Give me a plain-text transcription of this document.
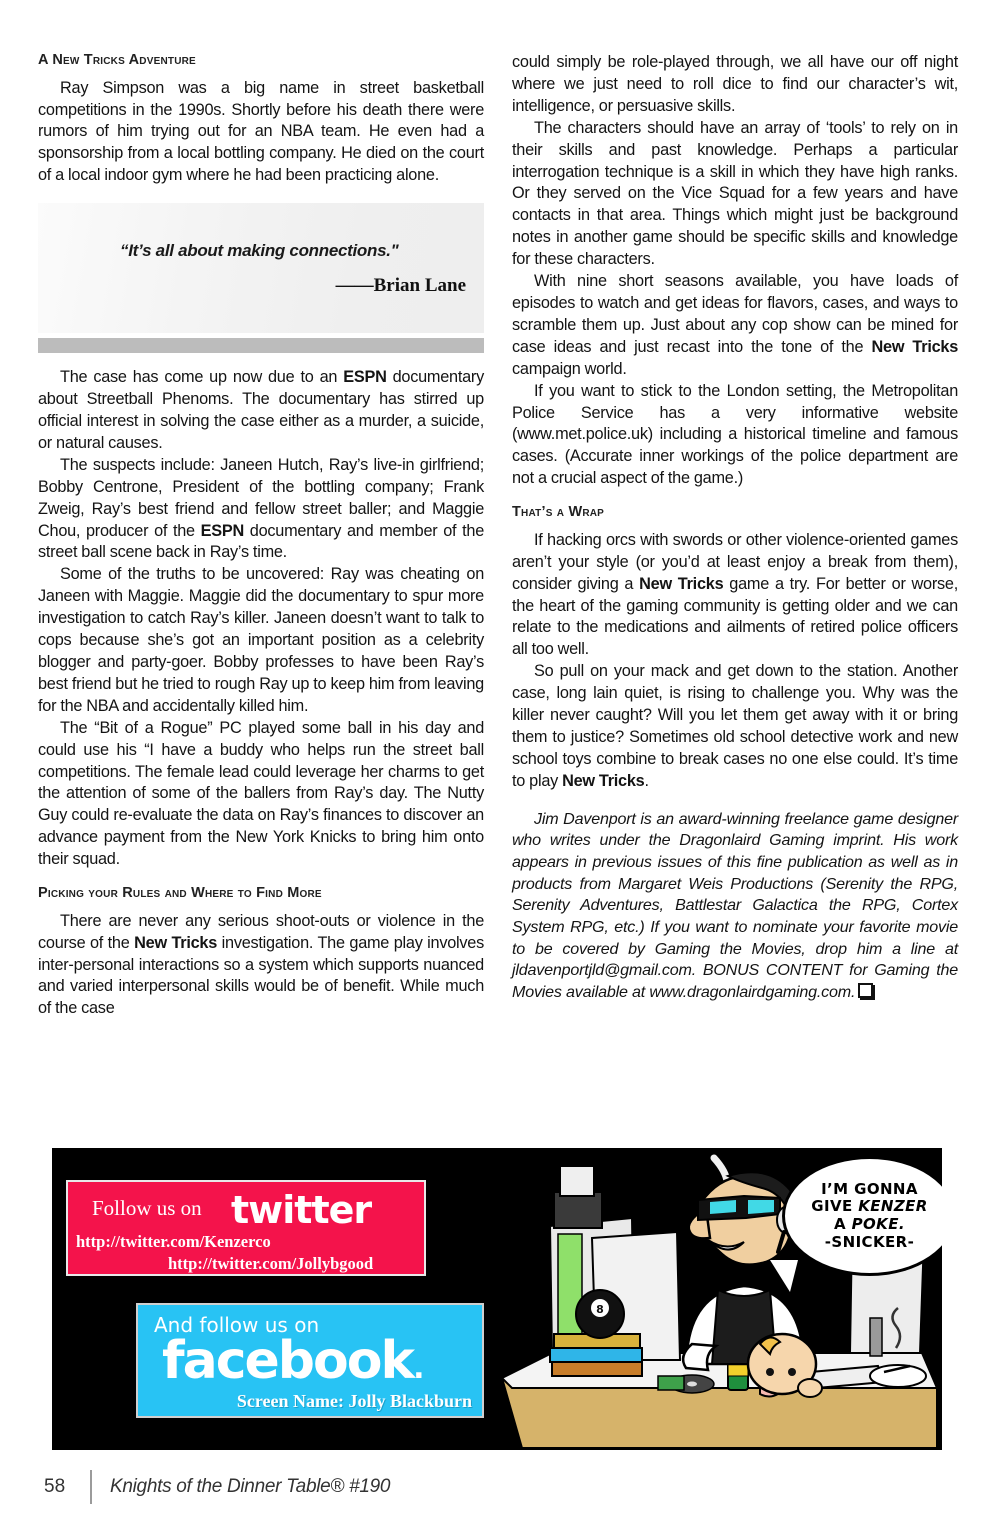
A New Tricks Adventure

Ray Simpson was a big name in street basketball competitions in the 1990s. Shortly before his death there were rumors of him trying out for an NBA team. He even had a sponsorship from a local bottling company. He died on the court of a local indoor gym where he had been practicing alone.

“It’s all about making connections."
——Brian Lane

The case has come up now due to an ESPN documentary about Streetball Phenoms. The documentary has stirred up official interest in solving the case either as a murder, a suicide, or natural causes.

The suspects include: Janeen Hutch, Ray’s live-in girlfriend; Bobby Centrone, President of the bottling company; Frank Zweig, Ray’s best friend and fellow street baller; and Maggie Chou, producer of the ESPN documentary and member of the street ball scene back in Ray’s time.

Some of the truths to be uncovered: Ray was cheating on Janeen with Maggie. Maggie did the documentary to spur more investigation to catch Ray’s killer. Janeen doesn’t want to talk to cops because she’s got an important position as a celebrity blogger and party-goer. Bobby professes to have been Ray’s best friend but he tried to rough Ray up to keep him from leaving for the NBA and accidentally killed him.

The “Bit of a Rogue” PC played some ball in his day and could use his “I have a buddy who helps run the street ball competitions. The female lead could leverage her charms to get the attention of some of the ballers from Ray’s day. The Nutty Guy could re-evaluate the data on Ray’s finances to discover an advance payment from the New York Knicks to bring him onto their squad.

Picking your Rules and Where to Find More

There are never any serious shoot-outs or violence in the course of the New Tricks investigation. The game play involves inter-personal interactions so a system which supports nuanced and varied interpersonal skills would be of benefit. While much of the case

could simply be role-played through, we all have our off night where we just need to roll dice to find our character’s wit, intelligence, or persuasive skills.

The characters should have an array of ‘tools’ to rely on in their skills and past knowledge. Perhaps a particular interrogation technique is a skill in which they have high ranks. Or they served on the Vice Squad for a few years and have contacts in that area. Things which might just be background notes in another game should be specific skills and knowledge for these characters.

With nine short seasons available, you have loads of episodes to watch and get ideas for flavors, cases, and ways to scramble them up. Just about any cop show can be mined for case ideas and just recast into the tone of the New Tricks campaign world.

If you want to stick to the London setting, the Metropolitan Police Service has a very informative website (www.met.police.uk) including a historical timeline and famous cases. (Accurate inner workings of the police department are not a crucial aspect of the game.)

That’s a Wrap

If hacking orcs with swords or other violence-oriented games aren’t your style (or you’d at least enjoy a break from them), consider giving a New Tricks game a try. For better or worse, the heart of the gaming community is getting older and we can relate to the medications and ailments of retired police officers all too well.

So pull on your mack and get down to the station. Another case, long lain quiet, is rising to challenge you. Why was the killer never caught? Will you let them get away with it or bring them to justice? Sometimes old school detective work and new school toys combine to break cases no one else could. It’s time to play New Tricks.

Jim Davenport is an award-winning freelance game designer who writes under the Dragonlaird Gaming imprint. His work appears in previous issues of this fine publication as well as in products from Margaret Weis Productions (Serenity the RPG, Serenity Adventures, Battlestar Galactica the RPG, Cortex System RPG, etc.) If you want to nominate your favorite movie to be covered by Gaming the Movies, drop him a line at jldavenportjld@gmail.com. BONUS CONTENT for Gaming the Movies available at www.dragonlairdgaming.com.

Follow us on twitter
http://twitter.com/Kenzerco
http://twitter.com/Jollybgood
And follow us on
facebook.
Screen Name: Jolly Blackburn
8
I’M GONNA
GIVE KENZER
A POKE.
-SNICKER-
58	Knights of the Dinner Table® #190
